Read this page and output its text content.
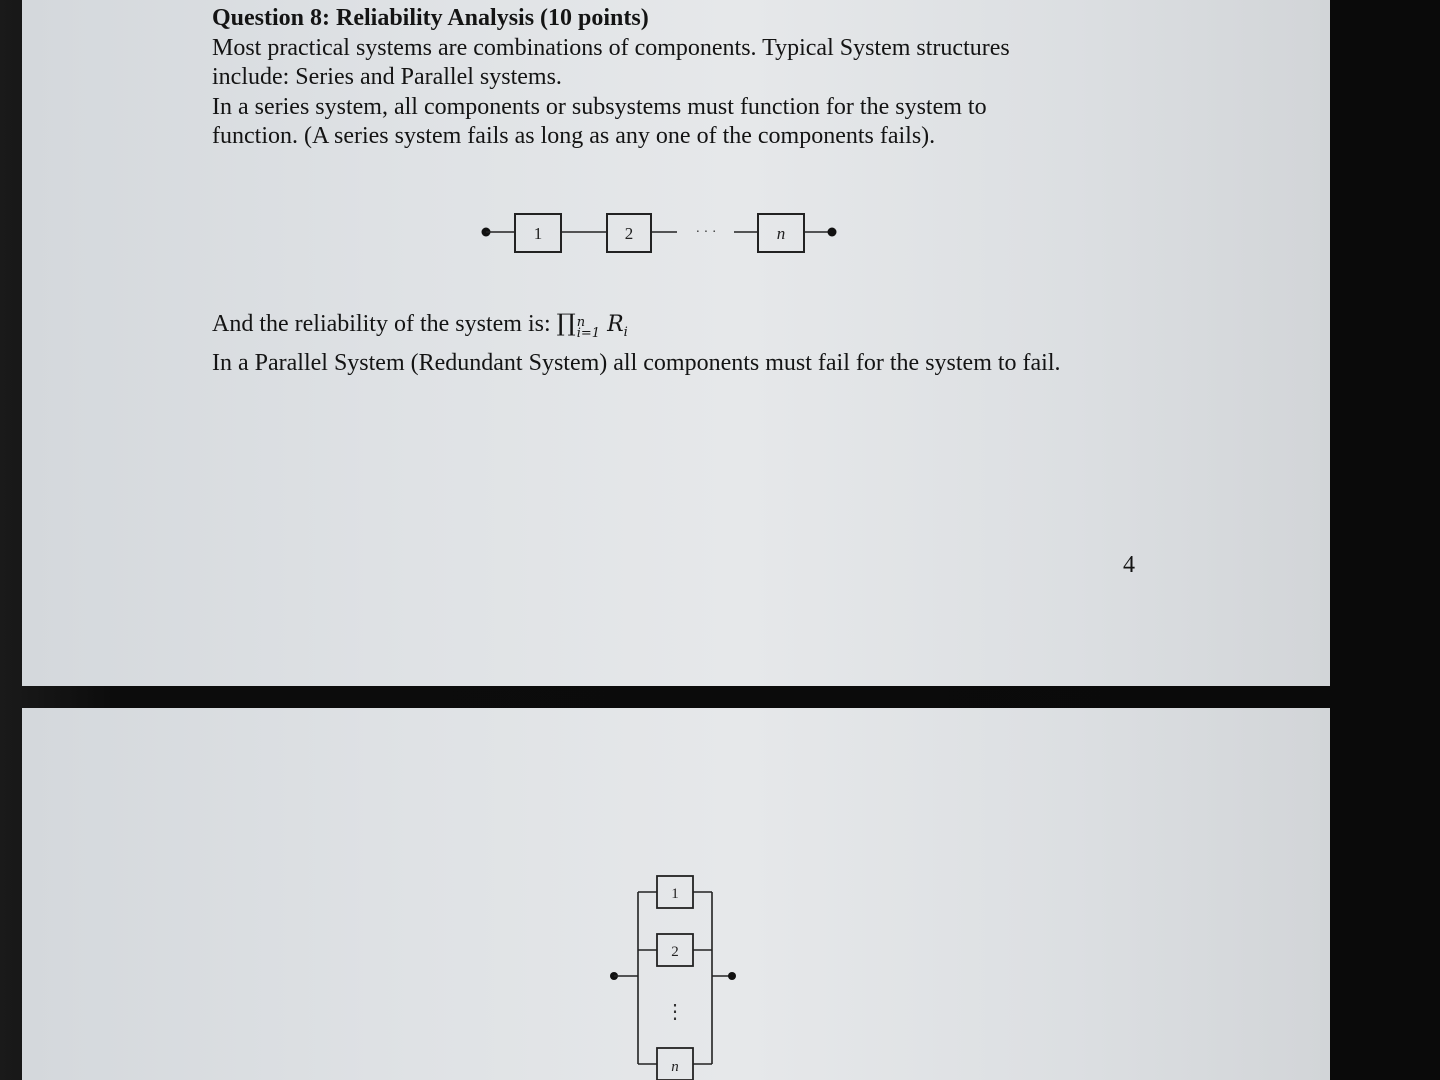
Question 8: Reliability Analysis (10 points)

Most practical systems are combinations of components. Typical System structures

include: Series and Parallel systems.

In a series system, all components or subsystems must function for the system to

function. (A series system fails as long as any one of the components fails).

1	2	· · ·	n

And the reliability of the system is: ∏ n
i=1 $R_i$

In a Parallel System (Redundant System) all components must fail for the system to fail.

4
1
2
⋮
n
